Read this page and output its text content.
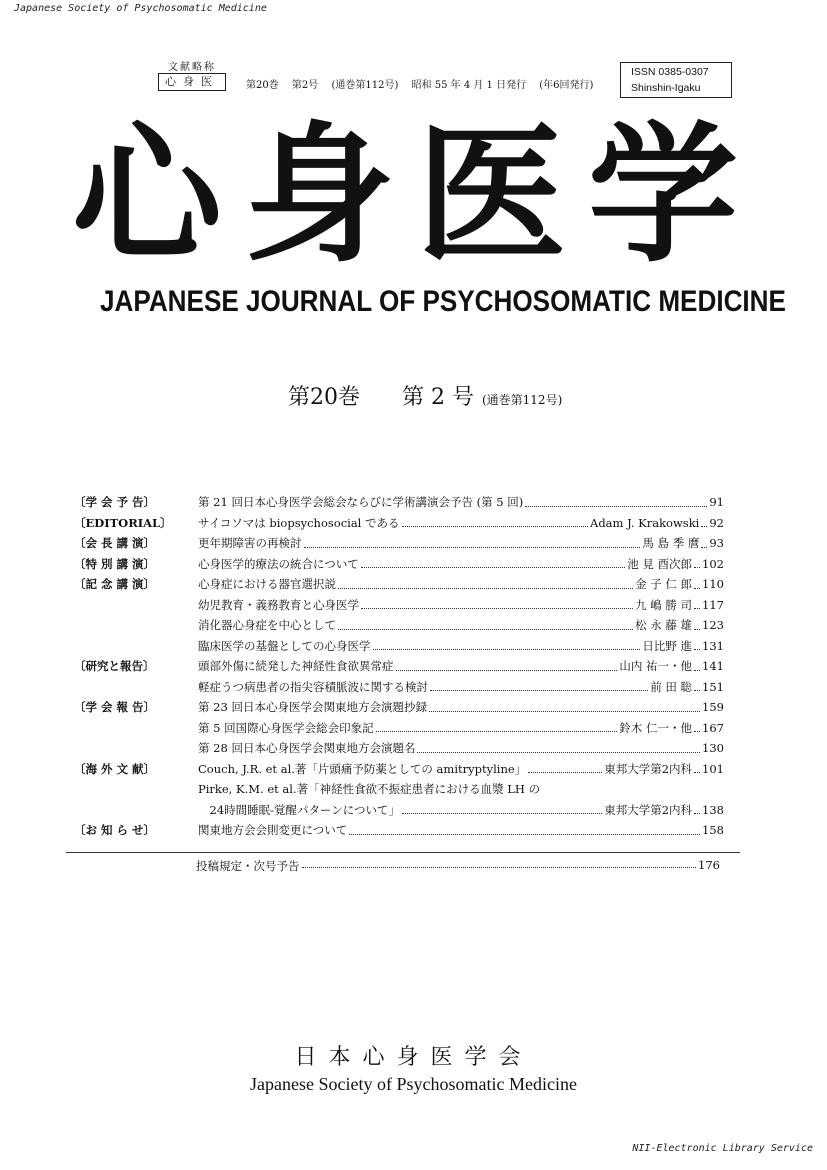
Japanese Society of Psychosomatic Medicine
文献略称
心身医	第20巻 第2号 (通巻第112号) 昭和 55 年 4 月 1 日発行 (年6回発行)
ISSN 0385-0307
Shinshin-Igaku
心身医学
JAPANESE JOURNAL OF PSYCHOSOMATIC MEDICINE
第20巻 第 2 号 (通巻第112号)
〔学 会 予 告〕	第 21 回日本心身医学会総会ならびに学術講演会予告 (第 5 回)	91
〔EDITORIAL〕 サイコソマは biopsychosocial である	Adam J. Krakowski 92
〔会 長 講 演〕	更年期障害の再検討	馬 島 季 麿 93
〔特 別 講 演〕	心身医学的療法の統合について	池 見 酉次郎 102
〔記 念 講 演〕	心身症における器官選択説	金 子 仁 郎 110
幼児教育・義務教育と心身医学	九 嶋 勝 司 117
消化器心身症を中心として	松 永 藤 雄 123
臨床医学の基盤としての心身医学	日比野 進 131
〔研究と報告〕	頭部外傷に続発した神経性食欲異常症	山内 祐一・他 141
軽症うつ病患者の指尖容積脈波に関する検討	前 田 聡 151
〔学 会 報 告〕	第 23 回日本心身医学会関東地方会演題抄録	159
第 5 回国際心身医学会総会印象記	鈴木 仁一・他 167
第 28 回日本心身医学会関東地方会演題名	130
〔海 外 文 献〕	Couch, J.R. et al.著「片頭痛予防薬としての amitryptyline」	東邦大学第2内科 101
Pirke, K.M. et al.著「神経性食欲不振症患者における血漿 LH の
　24時間睡眠-覚醒パターンについて」	東邦大学第2内科 138
〔お 知 ら せ〕	関東地方会会則変更について	158
投稿規定・次号予告	176
日本心身医学会
Japanese Society of Psychosomatic Medicine
NII-Electronic Library Service
